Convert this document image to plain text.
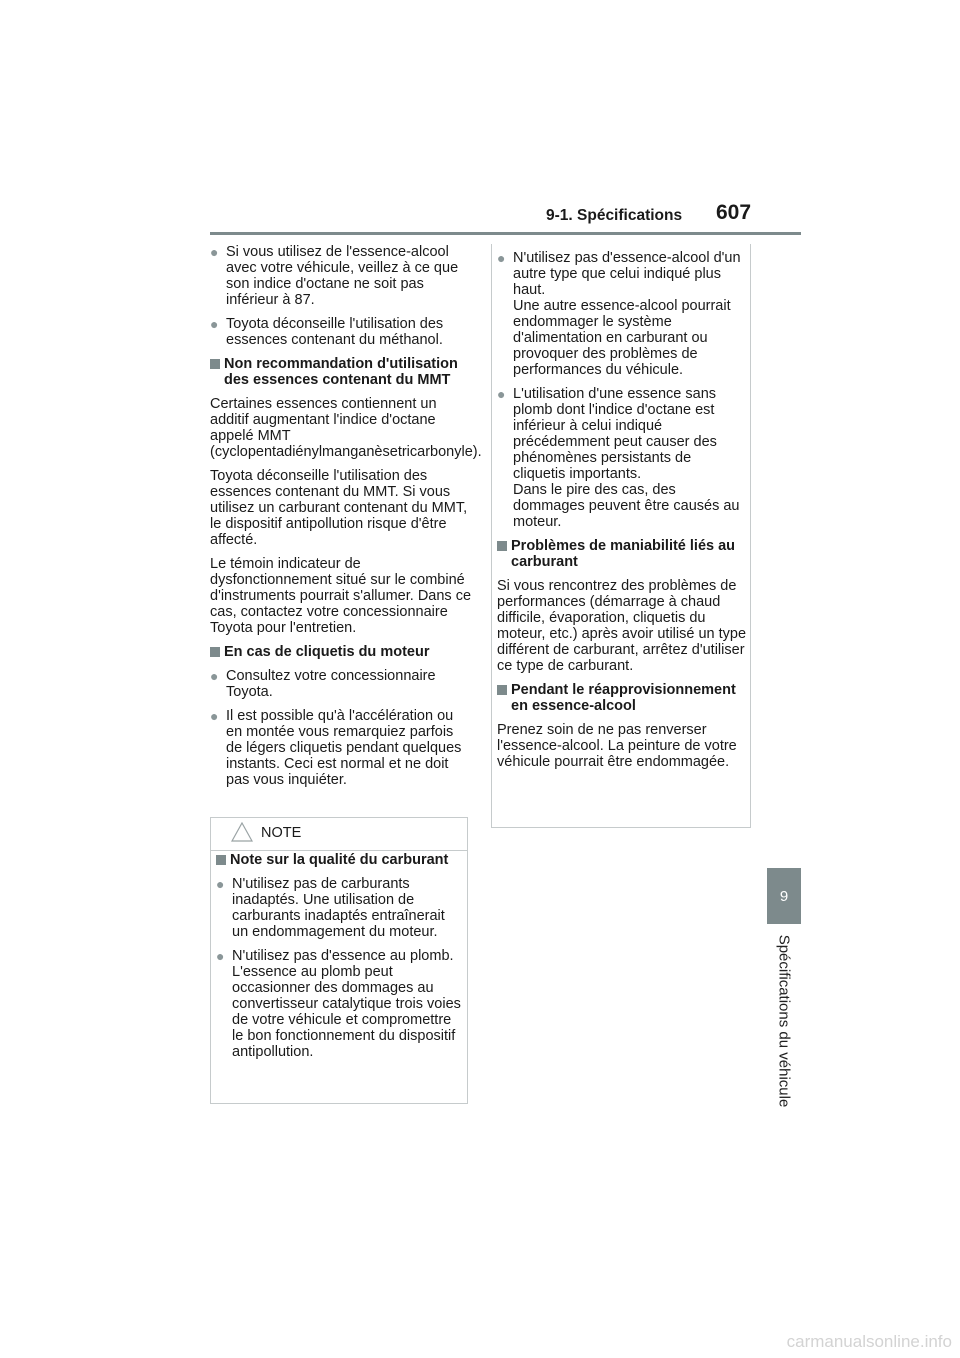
9-1. Spécifications 607
9
Spécifications du véhicule
● Si vous utilisez de l'essence-alcool avec votre véhicule, veillez à ce que son indice d'octane ne soit pas inférieur à 87.
● Toyota déconseille l'utilisation des essences contenant du méthanol.
Non recommandation d'utilisation des essences contenant du MMT

Certaines essences contiennent un additif augmentant l'indice d'octane appelé MMT (cyclopentadiénylmanganèsetricarbonyle).

Toyota déconseille l'utilisation des essences contenant du MMT. Si vous utilisez un carburant contenant du MMT, le dispositif antipollution risque d'être affecté.

Le témoin indicateur de dysfonctionnement situé sur le combiné d'instruments pourrait s'allumer. Dans ce cas, contactez votre concessionnaire Toyota pour l'entretien.

En cas de cliquetis du moteur
● Consultez votre concessionnaire Toyota.
● Il est possible qu'à l'accélération ou en montée vous remarquiez parfois de légers cliquetis pendant quelques instants. Ceci est normal et ne doit pas vous inquiéter.
NOTE
Note sur la qualité du carburant
● N'utilisez pas de carburants inadaptés. Une utilisation de carburants inadaptés entraînerait un endommagement du moteur.
● N'utilisez pas d'essence au plomb.
L'essence au plomb peut occasionner des dommages au convertisseur catalytique trois voies de votre véhicule et compromettre le bon fonctionnement du dispositif antipollution.
● N'utilisez pas d'essence-alcool d'un autre type que celui indiqué plus haut.
Une autre essence-alcool pourrait endommager le système d'alimentation en carburant ou provoquer des problèmes de performances du véhicule.
● L'utilisation d'une essence sans plomb dont l'indice d'octane est inférieur à celui indiqué précédemment peut causer des phénomènes persistants de cliquetis importants.
Dans le pire des cas, des dommages peuvent être causés au moteur.
Problèmes de maniabilité liés au carburant

Si vous rencontrez des problèmes de performances (démarrage à chaud difficile, évaporation, cliquetis du moteur, etc.) après avoir utilisé un type différent de carburant, arrêtez d'utiliser ce type de carburant.

Pendant le réapprovisionnement en essence-alcool

Prenez soin de ne pas renverser l'essence-alcool. La peinture de votre véhicule pourrait être endommagée.

carmanualsonline.info
